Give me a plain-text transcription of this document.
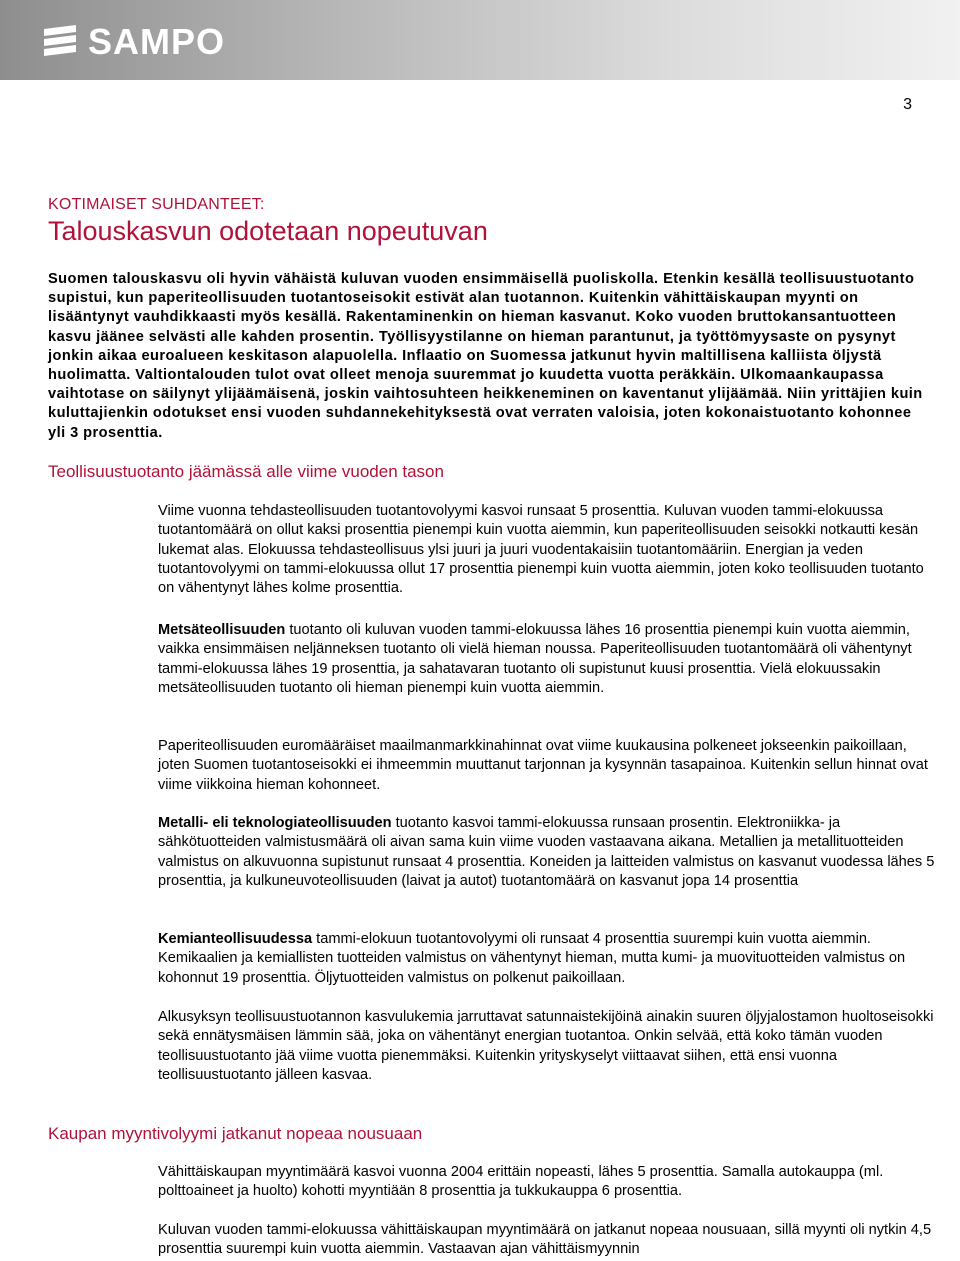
SAMPO
3
KOTIMAISET SUHDANTEET:
Talouskasvun odotetaan nopeutuvan

Suomen talouskasvu oli hyvin vähäistä kuluvan vuoden ensimmäisellä puoliskolla. Etenkin kesällä teollisuustuotanto supistui, kun paperiteollisuuden tuotantoseisokit estivät alan tuotannon. Kuitenkin vähittäiskaupan myynti on lisääntynyt vauhdikkaasti myös kesällä. Rakentaminenkin on hieman kasvanut. Koko vuoden bruttokansantuotteen kasvu jäänee selvästi alle kahden prosentin. Työllisyystilanne on hieman parantunut, ja työttömyysaste on pysynyt jonkin aikaa euroalueen keskitason alapuolella. Inflaatio on Suomessa jatkunut hyvin maltillisena kalliista öljystä huolimatta. Valtiontalouden tulot ovat olleet menoja suuremmat jo kuudetta vuotta peräkkäin. Ulkomaankaupassa vaihtotase on säilynyt ylijäämäisenä, joskin vaihtosuhteen heikkeneminen on kaventanut ylijäämää. Niin yrittäjien kuin kuluttajienkin odotukset ensi vuoden suhdannekehityksestä ovat verraten valoisia, joten kokonaistuotanto kohonnee yli 3 prosenttia.

Teollisuustuotanto jäämässä alle viime vuoden tason

Viime vuonna tehdasteollisuuden tuotantovolyymi kasvoi runsaat 5 prosenttia. Kuluvan vuoden tammi-elokuussa tuotantomäärä on ollut kaksi prosenttia pienempi kuin vuotta aiemmin, kun paperiteollisuuden seisokki notkautti kesän lukemat alas. Elokuussa tehdasteollisuus ylsi juuri ja juuri vuodentakaisiin tuotantomääriin. Energian ja veden tuotantovolyymi on tammi-elokuussa ollut 17 prosenttia pienempi kuin vuotta aiemmin, joten koko teollisuuden tuotanto on vähentynyt lähes kolme prosenttia.

Metsäteollisuuden tuotanto oli kuluvan vuoden tammi-elokuussa lähes 16 prosenttia pienempi kuin vuotta aiemmin, vaikka ensimmäisen neljänneksen tuotanto oli vielä hieman noussa. Paperiteollisuuden tuotantomäärä oli vähentynyt tammi-elokuussa lähes 19 prosenttia, ja sahatavaran tuotanto oli supistunut kuusi prosenttia. Vielä elokuussakin metsäteollisuuden tuotanto oli hieman pienempi kuin vuotta aiemmin.

Paperiteollisuuden euromääräiset maailmanmarkkinahinnat ovat viime kuukausina polkeneet jokseenkin paikoillaan, joten Suomen tuotantoseisokki ei ihmeemmin muuttanut tarjonnan ja kysynnän tasapainoa. Kuitenkin sellun hinnat ovat viime viikkoina hieman kohonneet.

Metalli- eli teknologiateollisuuden tuotanto kasvoi tammi-elokuussa runsaan prosentin. Elektroniikka- ja sähkötuotteiden valmistusmäärä oli aivan sama kuin viime vuoden vastaavana aikana. Metallien ja metallituotteiden valmistus on alkuvuonna supistunut runsaat 4 prosenttia. Koneiden ja laitteiden valmistus on kasvanut vuodessa lähes 5 prosenttia, ja kulkuneuvoteollisuuden (laivat ja autot) tuotantomäärä on kasvanut jopa 14 prosenttia

Kemianteollisuudessa tammi-elokuun tuotantovolyymi oli runsaat 4 prosenttia suurempi kuin vuotta aiemmin. Kemikaalien ja kemiallisten tuotteiden valmistus on vähentynyt hieman, mutta kumi- ja muovituotteiden valmistus on kohonnut 19 prosenttia. Öljytuotteiden valmistus on polkenut paikoillaan.

Alkusyksyn teollisuustuotannon kasvulukemia jarruttavat satunnaistekijöinä ainakin suuren öljyjalostamon huoltoseisokki sekä ennätysmäisen lämmin sää, joka on vähentänyt energian tuotantoa. Onkin selvää, että koko tämän vuoden teollisuustuotanto jää viime vuotta pienemmäksi. Kuitenkin yrityskyselyt viittaavat siihen, että ensi vuonna teollisuustuotanto jälleen kasvaa.

Kaupan myyntivolyymi jatkanut nopeaa nousuaan

Vähittäiskaupan myyntimäärä kasvoi vuonna 2004 erittäin nopeasti, lähes 5 prosenttia. Samalla autokauppa (ml. polttoaineet ja huolto) kohotti myyntiään 8 prosenttia ja tukkukauppa 6 prosenttia.

Kuluvan vuoden tammi-elokuussa vähittäiskaupan myyntimäärä on jatkanut nopeaa nousuaan, sillä myynti oli nytkin 4,5 prosenttia suurempi kuin vuotta aiemmin. Vastaavan ajan vähittäismyynnin
